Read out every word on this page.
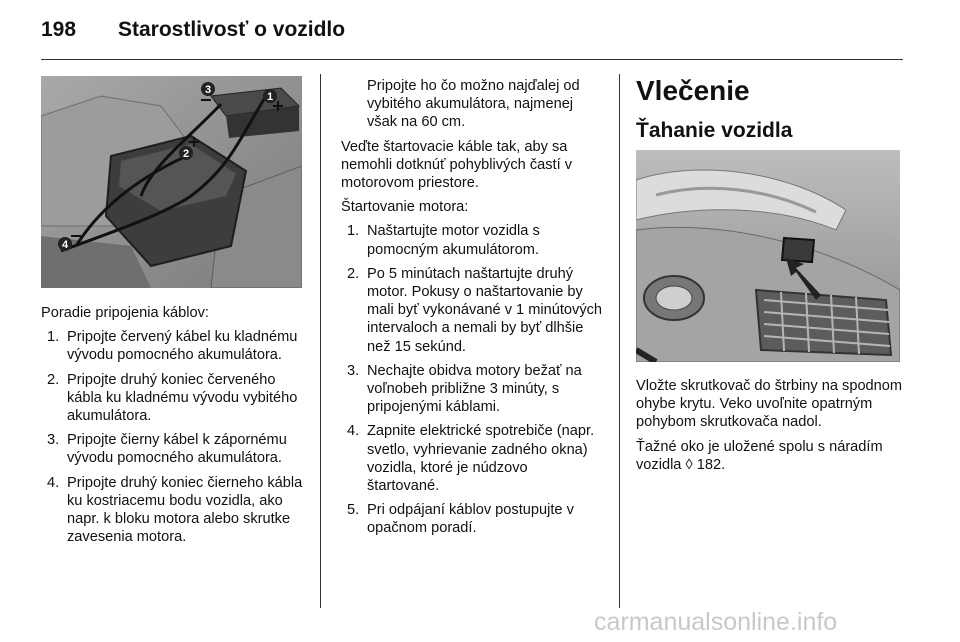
198 Starostlivosť o vozidlo
1
2
3
4

Poradie pripojenia káblov:

1. Pripojte červený kábel ku kladnému vývodu pomocného akumulátora.
2. Pripojte druhý koniec červeného kábla ku kladnému vývodu vybitého akumulátora.
3. Pripojte čierny kábel k zápornému vývodu pomocného akumulátora.
4. Pripojte druhý koniec čierneho kábla ku kostriacemu bodu vozidla, ako napr. k bloku motora alebo skrutke zavesenia motora.
Pripojte ho čo možno najďalej od vybitého akumulátora, najmenej však na 60 cm.

Veďte štartovacie káble tak, aby sa nemohli dotknúť pohyblivých častí v motorovom priestore.

Štartovanie motora:

1. Naštartujte motor vozidla s pomocným akumulátorom.
2. Po 5 minútach naštartujte druhý motor. Pokusy o naštartovanie by mali byť vykonávané v 1 minútových intervaloch a nemali by byť dlhšie než 15 sekúnd.
3. Nechajte obidva motory bežať na voľnobeh približne 3 minúty, s pripojenými káblami.
4. Zapnite elektrické spotrebiče (napr. svetlo, vyhrievanie zadného okna) vozidla, ktoré je núdzovo štartované.
5. Pri odpájaní káblov postupujte v opačnom poradí.
Vlečenie
Ťahanie vozidla

Vložte skrutkovač do štrbiny na spodnom ohybe krytu. Veko uvoľnite opatrným pohybom skrutkovača nadol.

Ťažné oko je uložené spolu s náradím vozidla ◊ 182.

carmanualsonline.info
